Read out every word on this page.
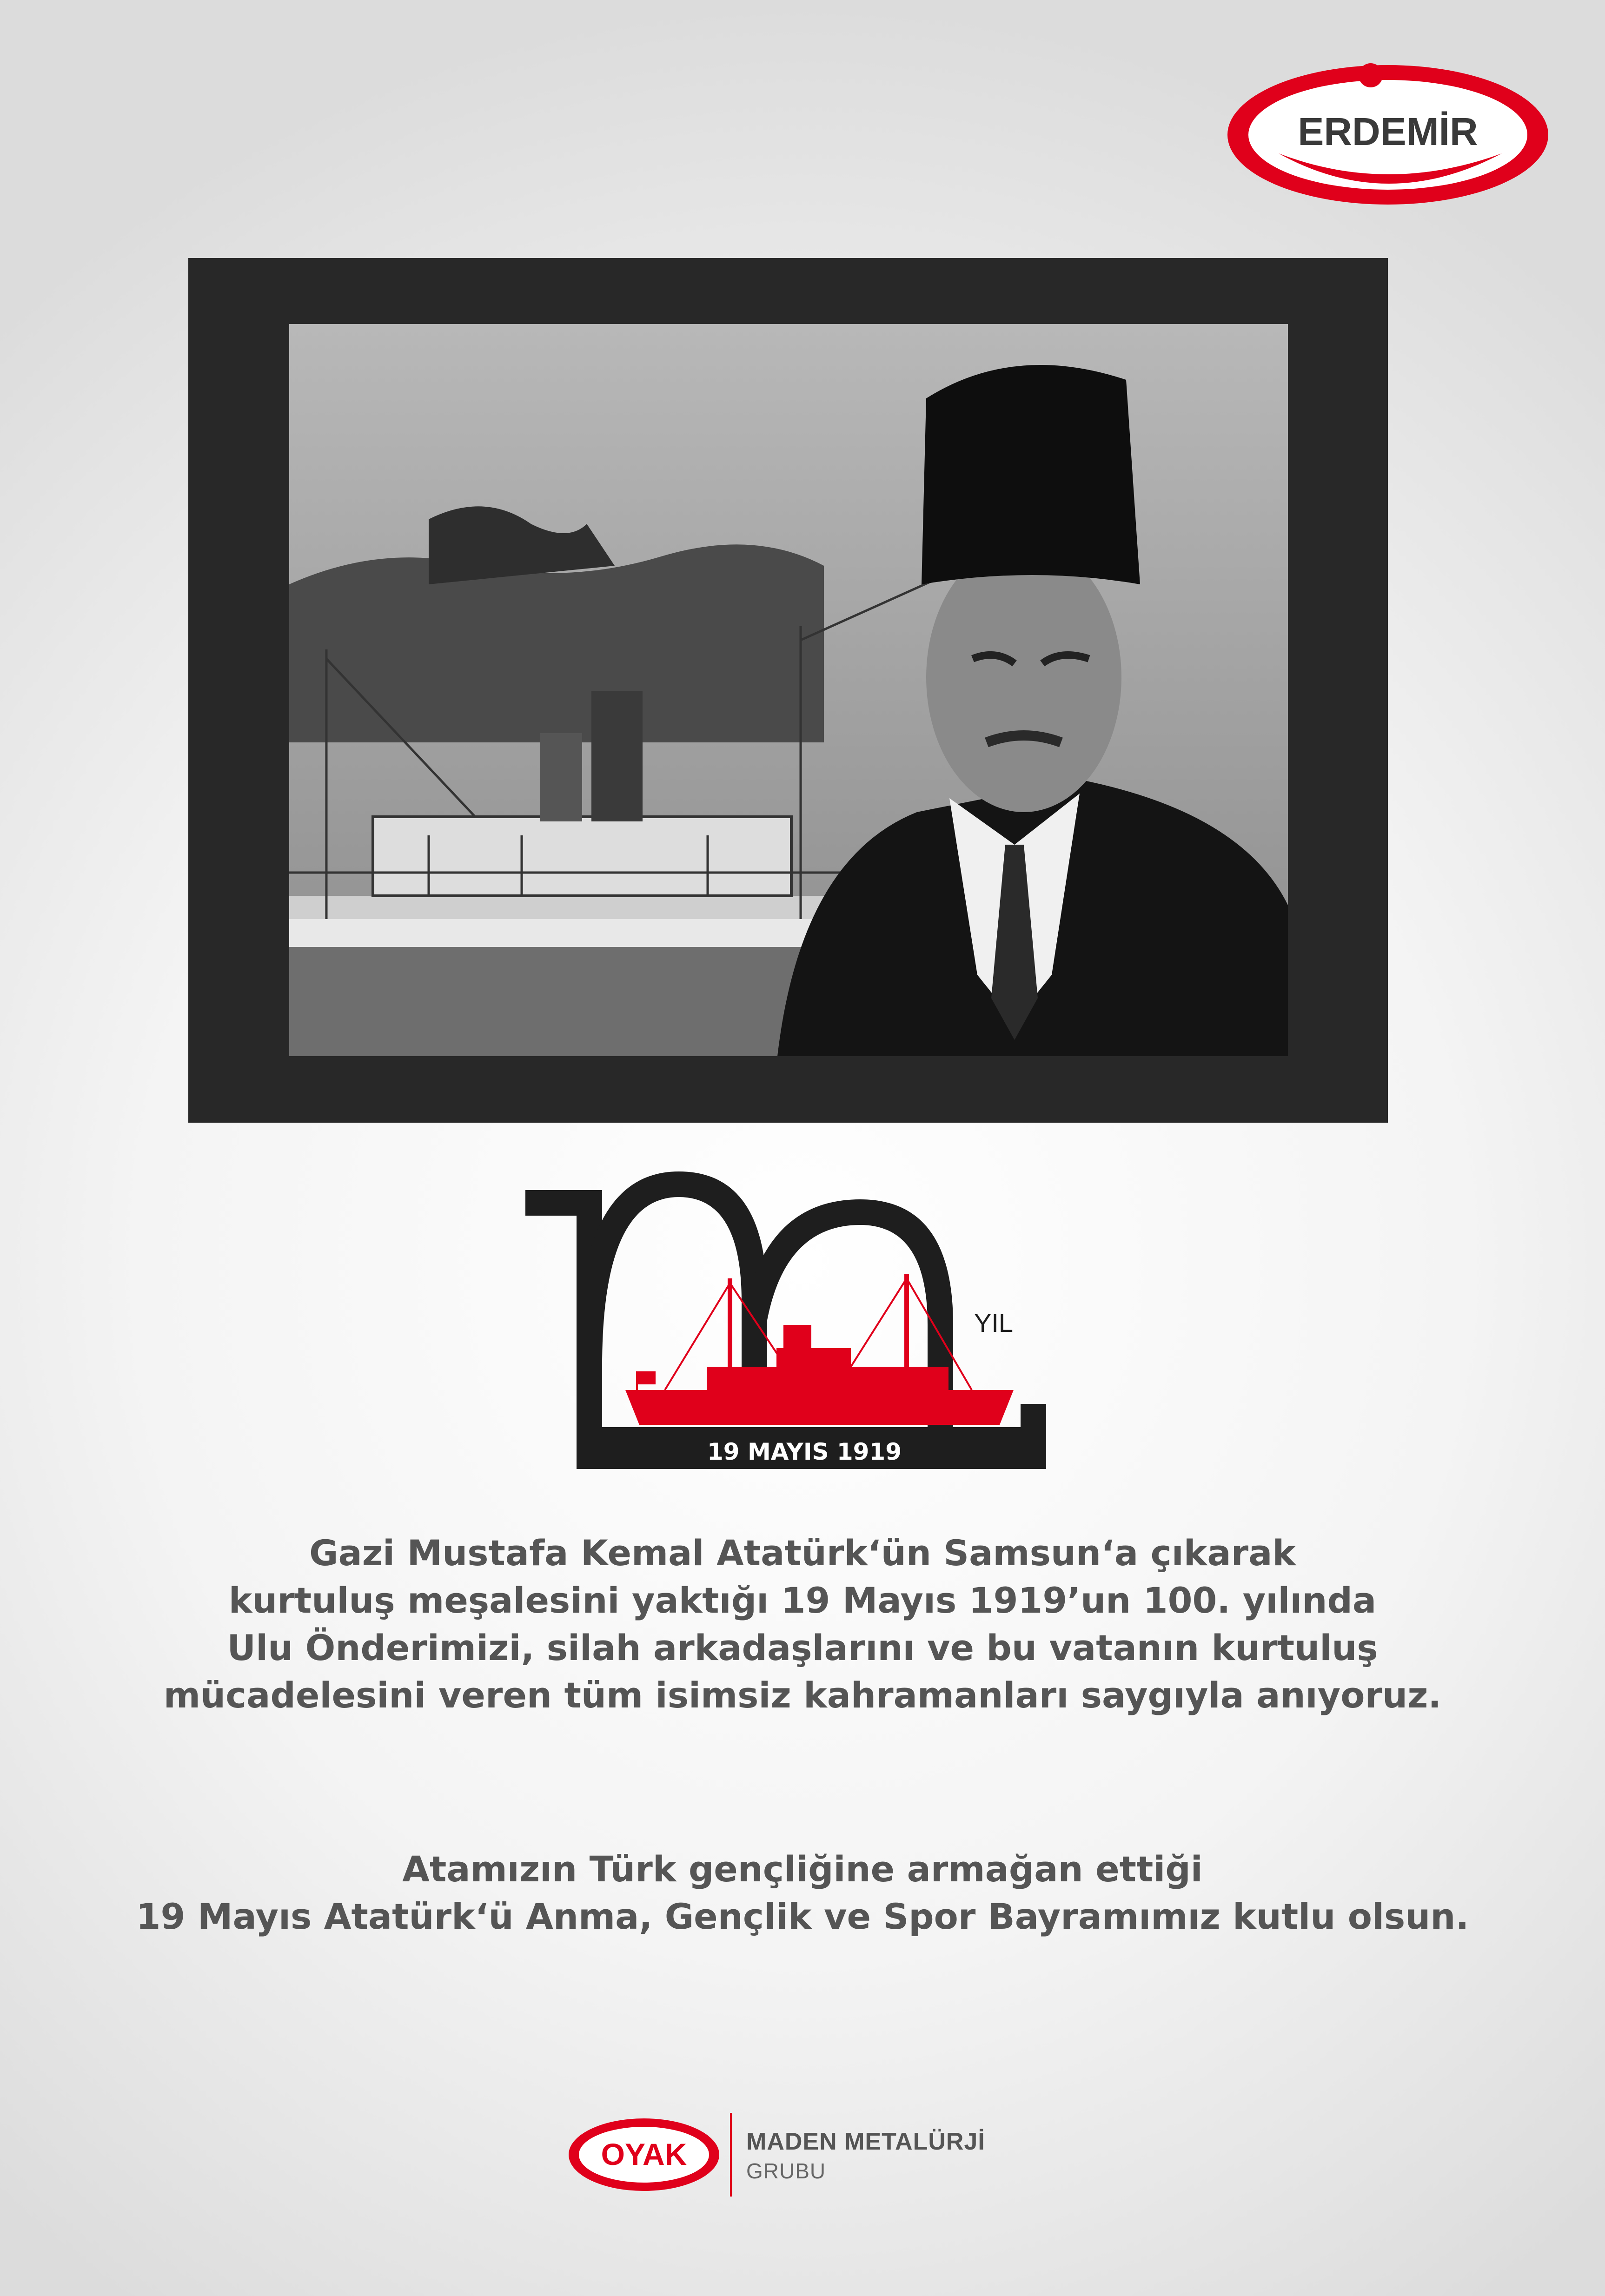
ERDEMİR
YIL
19 MAYIS 1919
Gazi Mustafa Kemal Atatürk‘ün Samsun‘a çıkarak
kurtuluş meşalesini yaktığı 19 Mayıs 1919’un 100. yılında
Ulu Önderimizi, silah arkadaşlarını ve bu vatanın kurtuluş
mücadelesini veren tüm isimsiz kahramanları saygıyla anıyoruz.
Atamızın Türk gençliğine armağan ettiği
19 Mayıs Atatürk‘ü Anma, Gençlik ve Spor Bayramımız kutlu olsun.
OYAK MADEN METALÜRJİ
GRUBU
